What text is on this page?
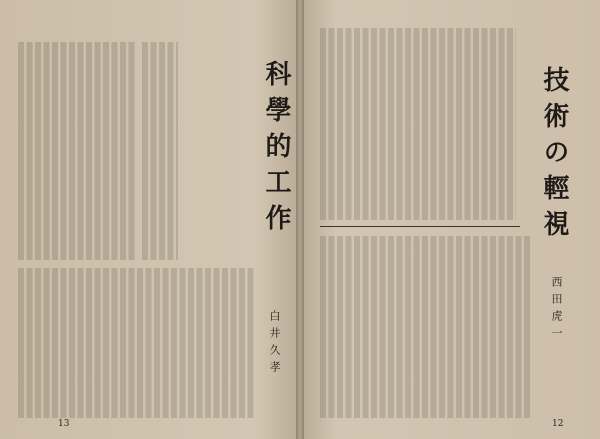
科學的工作
白井久孝
13
技術の輕視
西田虎一
12
